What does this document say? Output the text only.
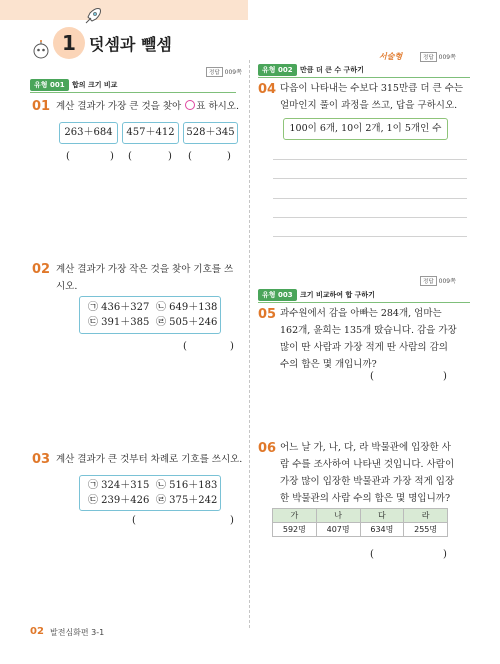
1 덧셈과 뺄셈
유형 001	합의 크기 비교
정답 009쪽
01 계산 결과가 가장 큰 것을 찾아 표 하시오.
263＋684	457＋412	528＋345
(	) (	) (	)
02 계산 결과가 가장 작은 것을 찾아 기호를 쓰
시오.
㉠ 436＋327 ㉡ 649＋138
㉢ 391＋385 ㉣ 505＋246
(	)
03 계산 결과가 큰 것부터 차례로 기호를 쓰시오.
㉠ 324＋315 ㉡ 516＋183
㉢ 239＋426 ㉣ 375＋242
(	)
서술형	정답 009쪽
유형 002	만큼 더 큰 수 구하기
04 다음이 나타내는 수보다 315만큼 더 큰 수는
얼마인지 풀이 과정을 쓰고, 답을 구하시오.
100이 6개, 10이 2개, 1이 5개인 수
정답 009쪽
유형 003	크기 비교하여 합 구하기
05 과수원에서 감을 아빠는 284개, 엄마는
162개, 윤희는 135개 땄습니다. 감을 가장
많이 딴 사람과 가장 적게 딴 사람의 감의
수의 합은 몇 개입니까?
(	)
06 어느 날 가, 나, 다, 라 박물관에 입장한 사
람 수를 조사하여 나타낸 것입니다. 사람이
가장 많이 입장한 박물관과 가장 적게 입장
한 박물관의 사람 수의 합은 몇 명입니까?
가	나	다	라
592명	407명	634명	255명
(	)
02 발전심화편 3-1
